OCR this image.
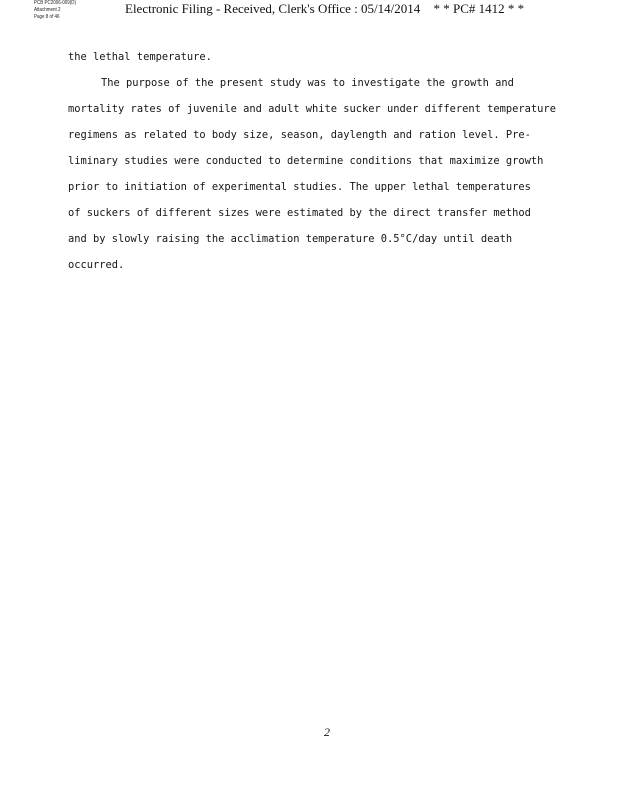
PCB PC2006-009(D)
Attachment 2
Page 8 of 46
Electronic Filing - Received, Clerk's Office : 05/14/2014 * * PC# 1412 * *
the lethal temperature.
The purpose of the present study was to investigate the growth and
mortality rates of juvenile and adult white sucker under different temperature
regimens as related to body size, season, daylength and ration level. Pre-
liminary studies were conducted to determine conditions that maximize growth
prior to initiation of experimental studies. The upper lethal temperatures
of suckers of different sizes were estimated by the direct transfer method
and by slowly raising the acclimation temperature 0.5°C/day until death
occurred.
2
